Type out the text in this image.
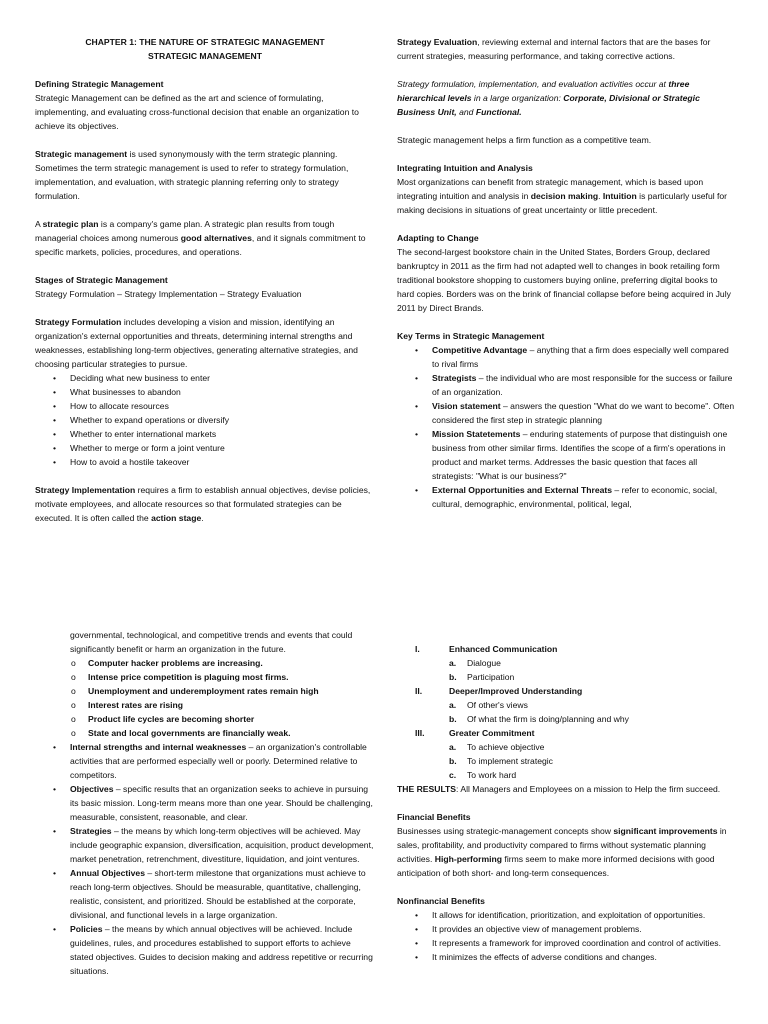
CHAPTER 1: THE NATURE OF STRATEGIC MANAGEMENT

STRATEGIC MANAGEMENT

Defining Strategic Management

Strategic Management can be defined as the art and science of formulating, implementing, and evaluating cross-functional decision that enable an organization to achieve its objectives.

Strategic management is used synonymously with the term strategic planning. Sometimes the term strategic management is used to refer to strategy formulation, implementation, and evaluation, with strategic planning referring only to strategy formulation.

A strategic plan is a company's game plan. A strategic plan results from tough managerial choices among numerous good alternatives, and it signals commitment to specific markets, policies, procedures, and operations.

Stages of Strategic Management

Strategy Formulation – Strategy Implementation – Strategy Evaluation

Strategy Formulation includes developing a vision and mission, identifying an organization's external opportunities and threats, determining internal strengths and weaknesses, establishing long-term objectives, generating alternative strategies, and choosing particular strategies to pursue.

• Deciding what new business to enter
• What businesses to abandon
• How to allocate resources
• Whether to expand operations or diversify
• Whether to enter international markets
• Whether to merge or form a joint venture
• How to avoid a hostile takeover

Strategy Implementation requires a firm to establish annual objectives, devise policies, motivate employees, and allocate resources so that formulated strategies can be executed. It is often called the action stage.

Strategy Evaluation, reviewing external and internal factors that are the bases for current strategies, measuring performance, and taking corrective actions.

Strategy formulation, implementation, and evaluation activities occur at three hierarchical levels in a large organization: Corporate, Divisional or Strategic Business Unit, and Functional.

Strategic management helps a firm function as a competitive team.

Integrating Intuition and Analysis

Most organizations can benefit from strategic management, which is based upon integrating intuition and analysis in decision making. Intuition is particularly useful for making decisions in situations of great uncertainty or little precedent.

Adapting to Change

The second-largest bookstore chain in the United States, Borders Group, declared bankruptcy in 2011 as the firm had not adapted well to changes in book retailing form traditional bookstore shopping to customers buying online, preferring digital books to hard copies. Borders was on the brink of financial collapse before being acquired in July 2011 by Direct Brands.

Key Terms in Strategic Management

• Competitive Advantage – anything that a firm does especially well compared to rival firms
• Strategists – the individual who are most responsible for the success or failure of an organization.
• Vision statement – answers the question "What do we want to become". Often considered the first step in strategic planning
• Mission Statetements – enduring statements of purpose that distinguish one business from other similar firms. Identifies the scope of a firm's operations in product and market terms. Addresses the basic question that faces all strategists: "What is our business?"
• External Opportunities and External Threats – refer to economic, social, cultural, demographic, environmental, political, legal,

governmental, technological, and competitive trends and events that could significantly benefit or harm an organization in the future.

o Computer hacker problems are increasing.
o Intense price competition is plaguing most firms.
o Unemployment and underemployment rates remain high
o Interest rates are rising
o Product life cycles are becoming shorter
o State and local governments are financially weak.
• Internal strengths and internal weaknesses – an organization's controllable activities that are performed especially well or poorly. Determined relative to competitors.
• Objectives – specific results that an organization seeks to achieve in pursuing its basic mission. Long-term means more than one year. Should be challenging, measurable, consistent, reasonable, and clear.
• Strategies – the means by which long-term objectives will be achieved. May include geographic expansion, diversification, acquisition, product development, market penetration, retrenchment, divestiture, liquidation, and joint ventures.
• Annual Objectives – short-term milestone that organizations must achieve to reach long-term objectives. Should be measurable, quantitative, challenging, realistic, consistent, and prioritized. Should be established at the corporate, divisional, and functional levels in a large organization.
• Policies – the means by which annual objectives will be achieved. Include guidelines, rules, and procedures established to support efforts to achieve stated objectives. Guides to decision making and address repetitive or recurring situations.

I.	Enhanced Communication

a. Dialogue

b. Participation

II.	Deeper/Improved Understanding

a. Of other's views

b. Of what the firm is doing/planning and why

III.	Greater Commitment

a. To achieve objective

b. To implement strategic

c. To work hard

THE RESULTS: All Managers and Employees on a mission to Help the firm succeed.

Financial Benefits

Businesses using strategic-management concepts show significant improvements in sales, profitability, and productivity compared to firms without systematic planning activities. High-performing firms seem to make more informed decisions with good anticipation of both short- and long-term consequences.

Nonfinancial Benefits

• It allows for identification, prioritization, and exploitation of opportunities.
• It provides an objective view of management problems.
• It represents a framework for improved coordination and control of activities.
• It minimizes the effects of adverse conditions and changes.
